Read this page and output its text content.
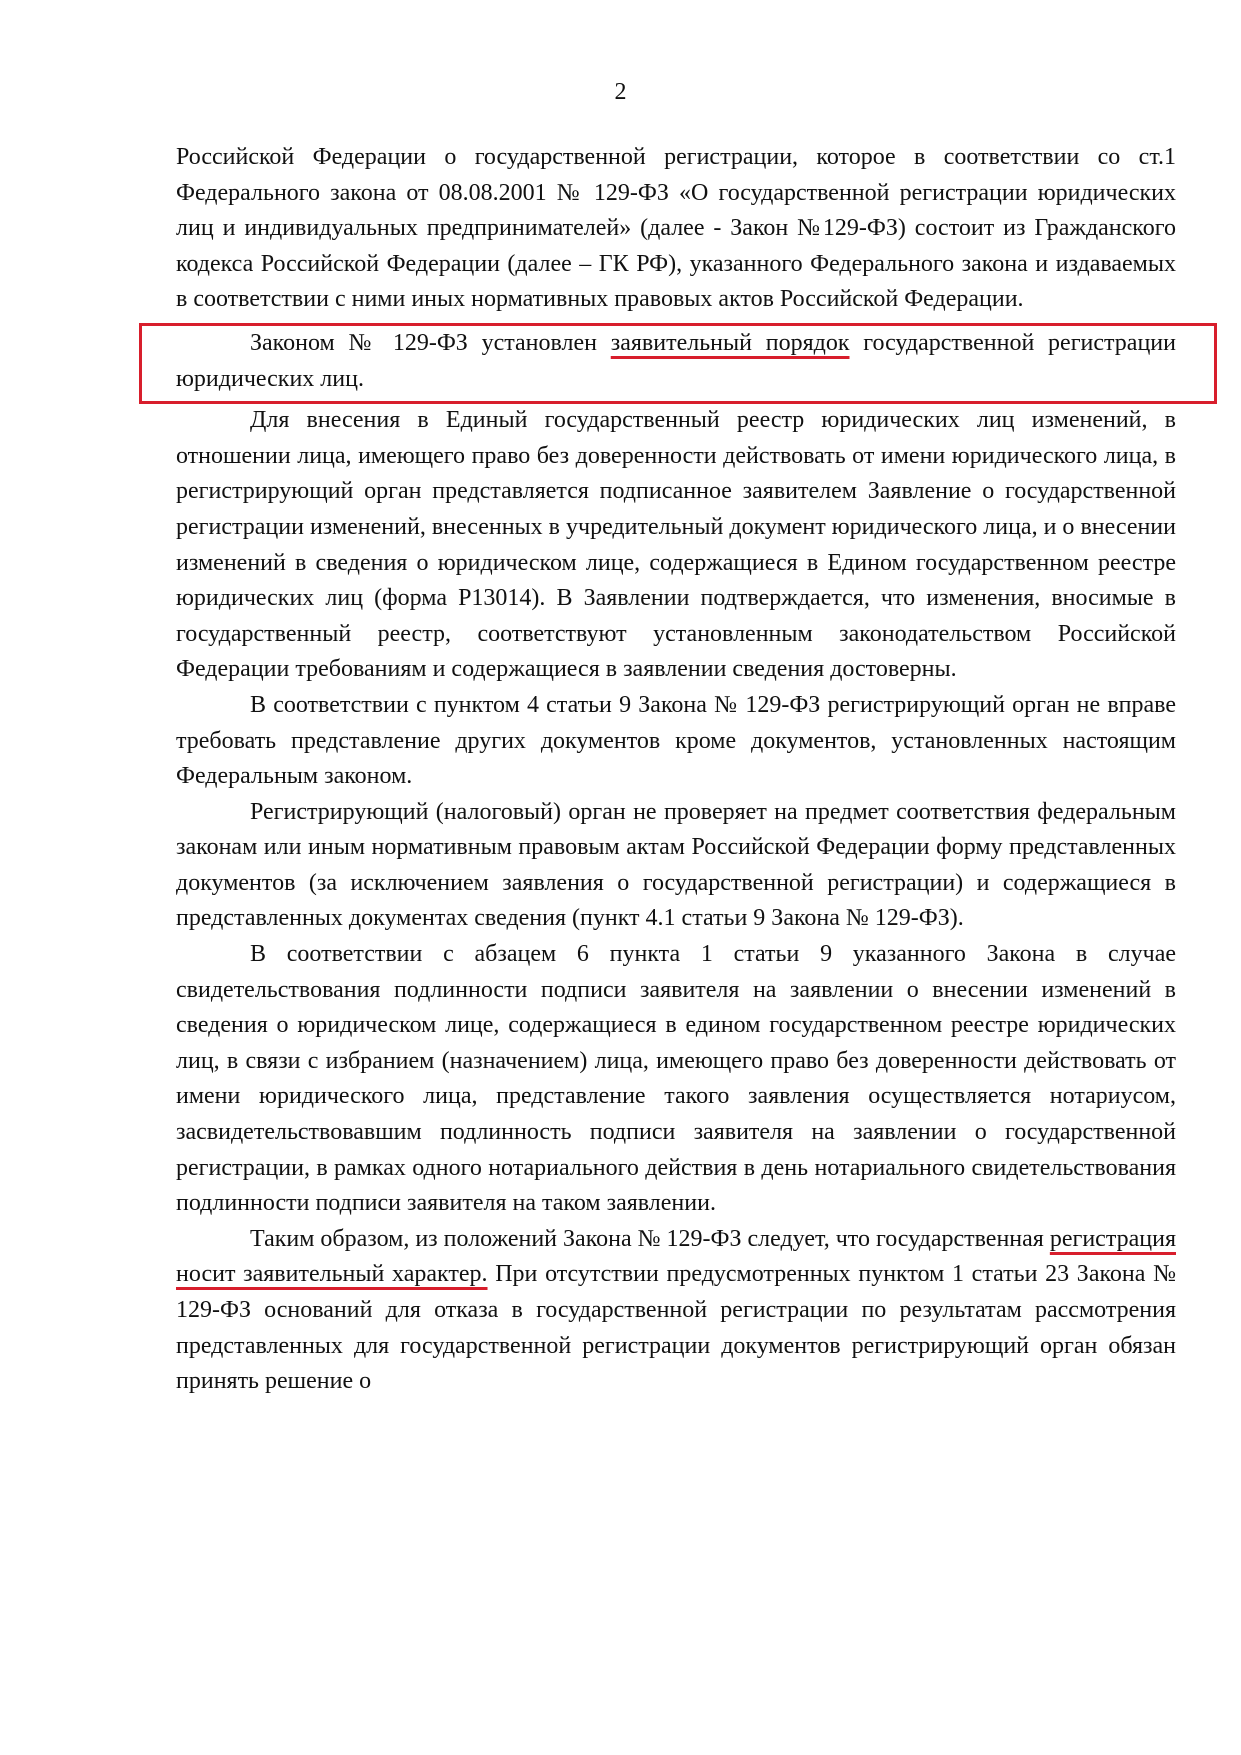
2

Российской Федерации о государственной регистрации, которое в соответствии со ст.1 Федерального закона от 08.08.2001 № 129-ФЗ «О государственной регистрации юридических лиц и индивидуальных предпринимателей» (далее - Закон №129-ФЗ) состоит из Гражданского кодекса Российской Федерации (далее – ГК РФ), указанного Федерального закона и издаваемых в соответствии с ними иных нормативных правовых актов Российской Федерации.

Законом № 129-ФЗ установлен заявительный порядок государственной регистрации юридических лиц.

Для внесения в Единый государственный реестр юридических лиц изменений, в отношении лица, имеющего право без доверенности действовать от имени юридического лица, в регистрирующий орган представляется подписанное заявителем Заявление о государственной регистрации изменений, внесенных в учредительный документ юридического лица, и о внесении изменений в сведения о юридическом лице, содержащиеся в Едином государственном реестре юридических лиц (форма Р13014). В Заявлении подтверждается, что изменения, вносимые в государственный реестр, соответствуют установленным законодательством Российской Федерации требованиям и содержащиеся в заявлении сведения достоверны.

В соответствии с пунктом 4 статьи 9 Закона № 129-ФЗ регистрирующий орган не вправе требовать представление других документов кроме документов, установленных настоящим Федеральным законом.

Регистрирующий (налоговый) орган не проверяет на предмет соответствия федеральным законам или иным нормативным правовым актам Российской Федерации форму представленных документов (за исключением заявления о государственной регистрации) и содержащиеся в представленных документах сведения (пункт 4.1 статьи 9 Закона № 129-ФЗ).

В соответствии с абзацем 6 пункта 1 статьи 9 указанного Закона в случае свидетельствования подлинности подписи заявителя на заявлении о внесении изменений в сведения о юридическом лице, содержащиеся в едином государственном реестре юридических лиц, в связи с избранием (назначением) лица, имеющего право без доверенности действовать от имени юридического лица, представление такого заявления осуществляется нотариусом, засвидетельствовавшим подлинность подписи заявителя на заявлении о государственной регистрации, в рамках одного нотариального действия в день нотариального свидетельствования подлинности подписи заявителя на таком заявлении.

Таким образом, из положений Закона № 129-ФЗ следует, что государственная регистрация носит заявительный характер. При отсутствии предусмотренных пунктом 1 статьи 23 Закона № 129-ФЗ оснований для отказа в государственной регистрации по результатам рассмотрения представленных для государственной регистрации документов регистрирующий орган обязан принять решение о
